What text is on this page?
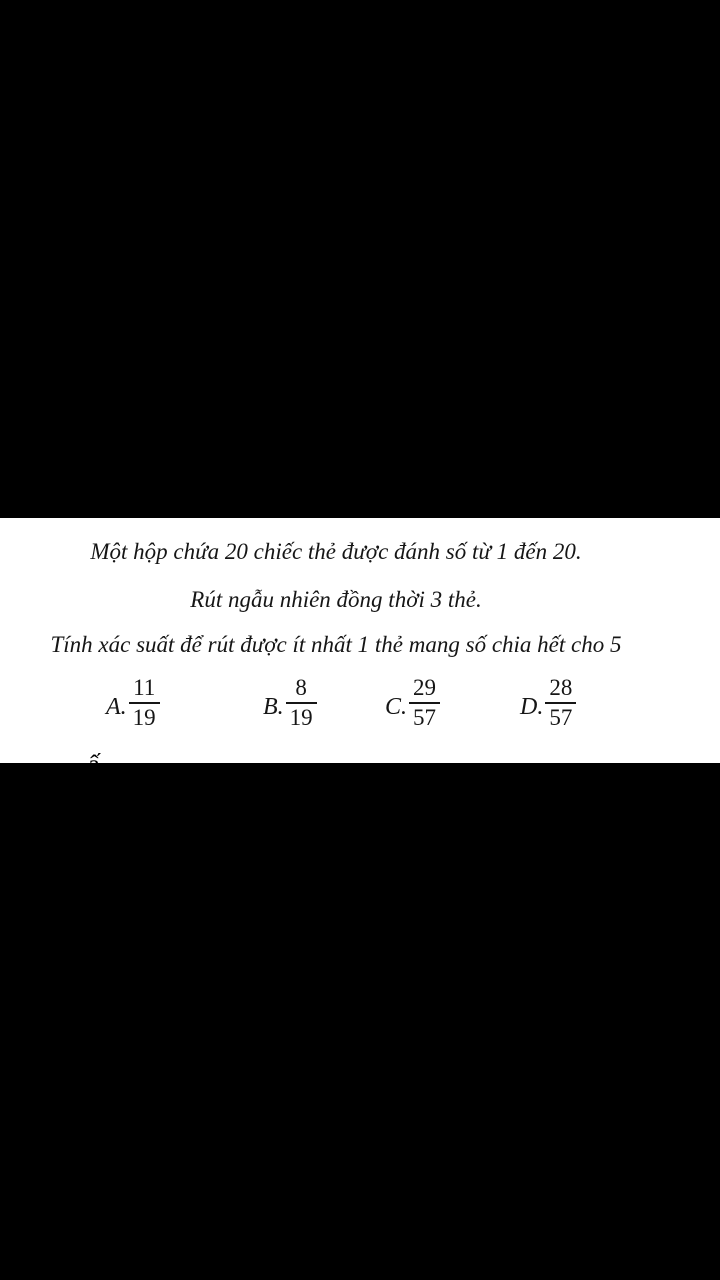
Một hộp chứa 20 chiếc thẻ được đánh số từ 1 đến 20.
Rút ngẫu nhiên đồng thời 3 thẻ.
Tính xác suất để rút được ít nhất 1 thẻ mang số chia hết cho 5
A. $\frac{11}{19}$	B. $\frac{8}{19}$	C. $\frac{29}{57}$	D. $\frac{28}{57}$
ấ
